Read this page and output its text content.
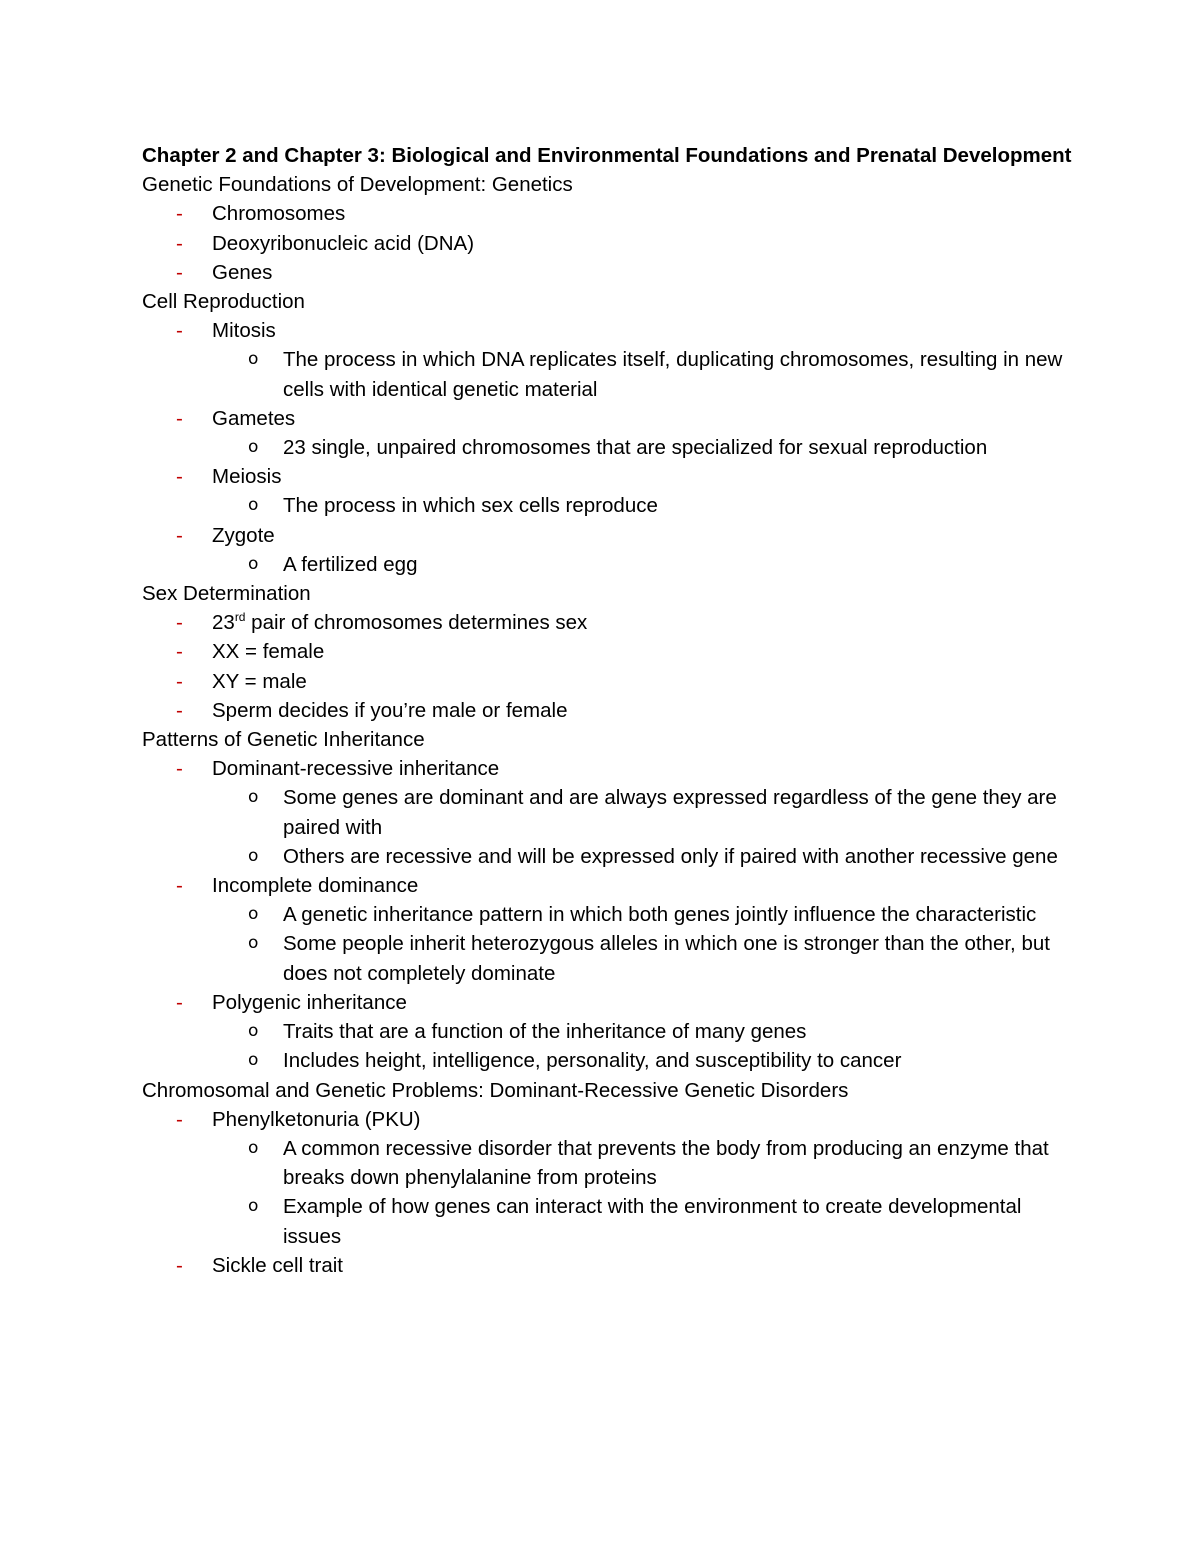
Chapter 2 and Chapter 3: Biological and Environmental Foundations and Prenatal Development

Genetic Foundations of Development: Genetics

- Chromosomes

- Deoxyribonucleic acid (DNA)

- Genes

Cell Reproduction

- Mitosis

o The process in which DNA replicates itself, duplicating chromosomes, resulting in new cells with identical genetic material

- Gametes

o 23 single, unpaired chromosomes that are specialized for sexual reproduction

- Meiosis

o The process in which sex cells reproduce

- Zygote

o A fertilized egg

Sex Determination

- 23rd pair of chromosomes determines sex

- XX = female

- XY = male

- Sperm decides if you’re male or female

Patterns of Genetic Inheritance

- Dominant-recessive inheritance

o Some genes are dominant and are always expressed regardless of the gene they are paired with

o Others are recessive and will be expressed only if paired with another recessive gene

- Incomplete dominance

o A genetic inheritance pattern in which both genes jointly influence the characteristic

o Some people inherit heterozygous alleles in which one is stronger than the other, but does not completely dominate

- Polygenic inheritance

o Traits that are a function of the inheritance of many genes

o Includes height, intelligence, personality, and susceptibility to cancer

Chromosomal and Genetic Problems: Dominant-Recessive Genetic Disorders

- Phenylketonuria (PKU)

o A common recessive disorder that prevents the body from producing an enzyme that breaks down phenylalanine from proteins

o Example of how genes can interact with the environment to create developmental issues

- Sickle cell trait
